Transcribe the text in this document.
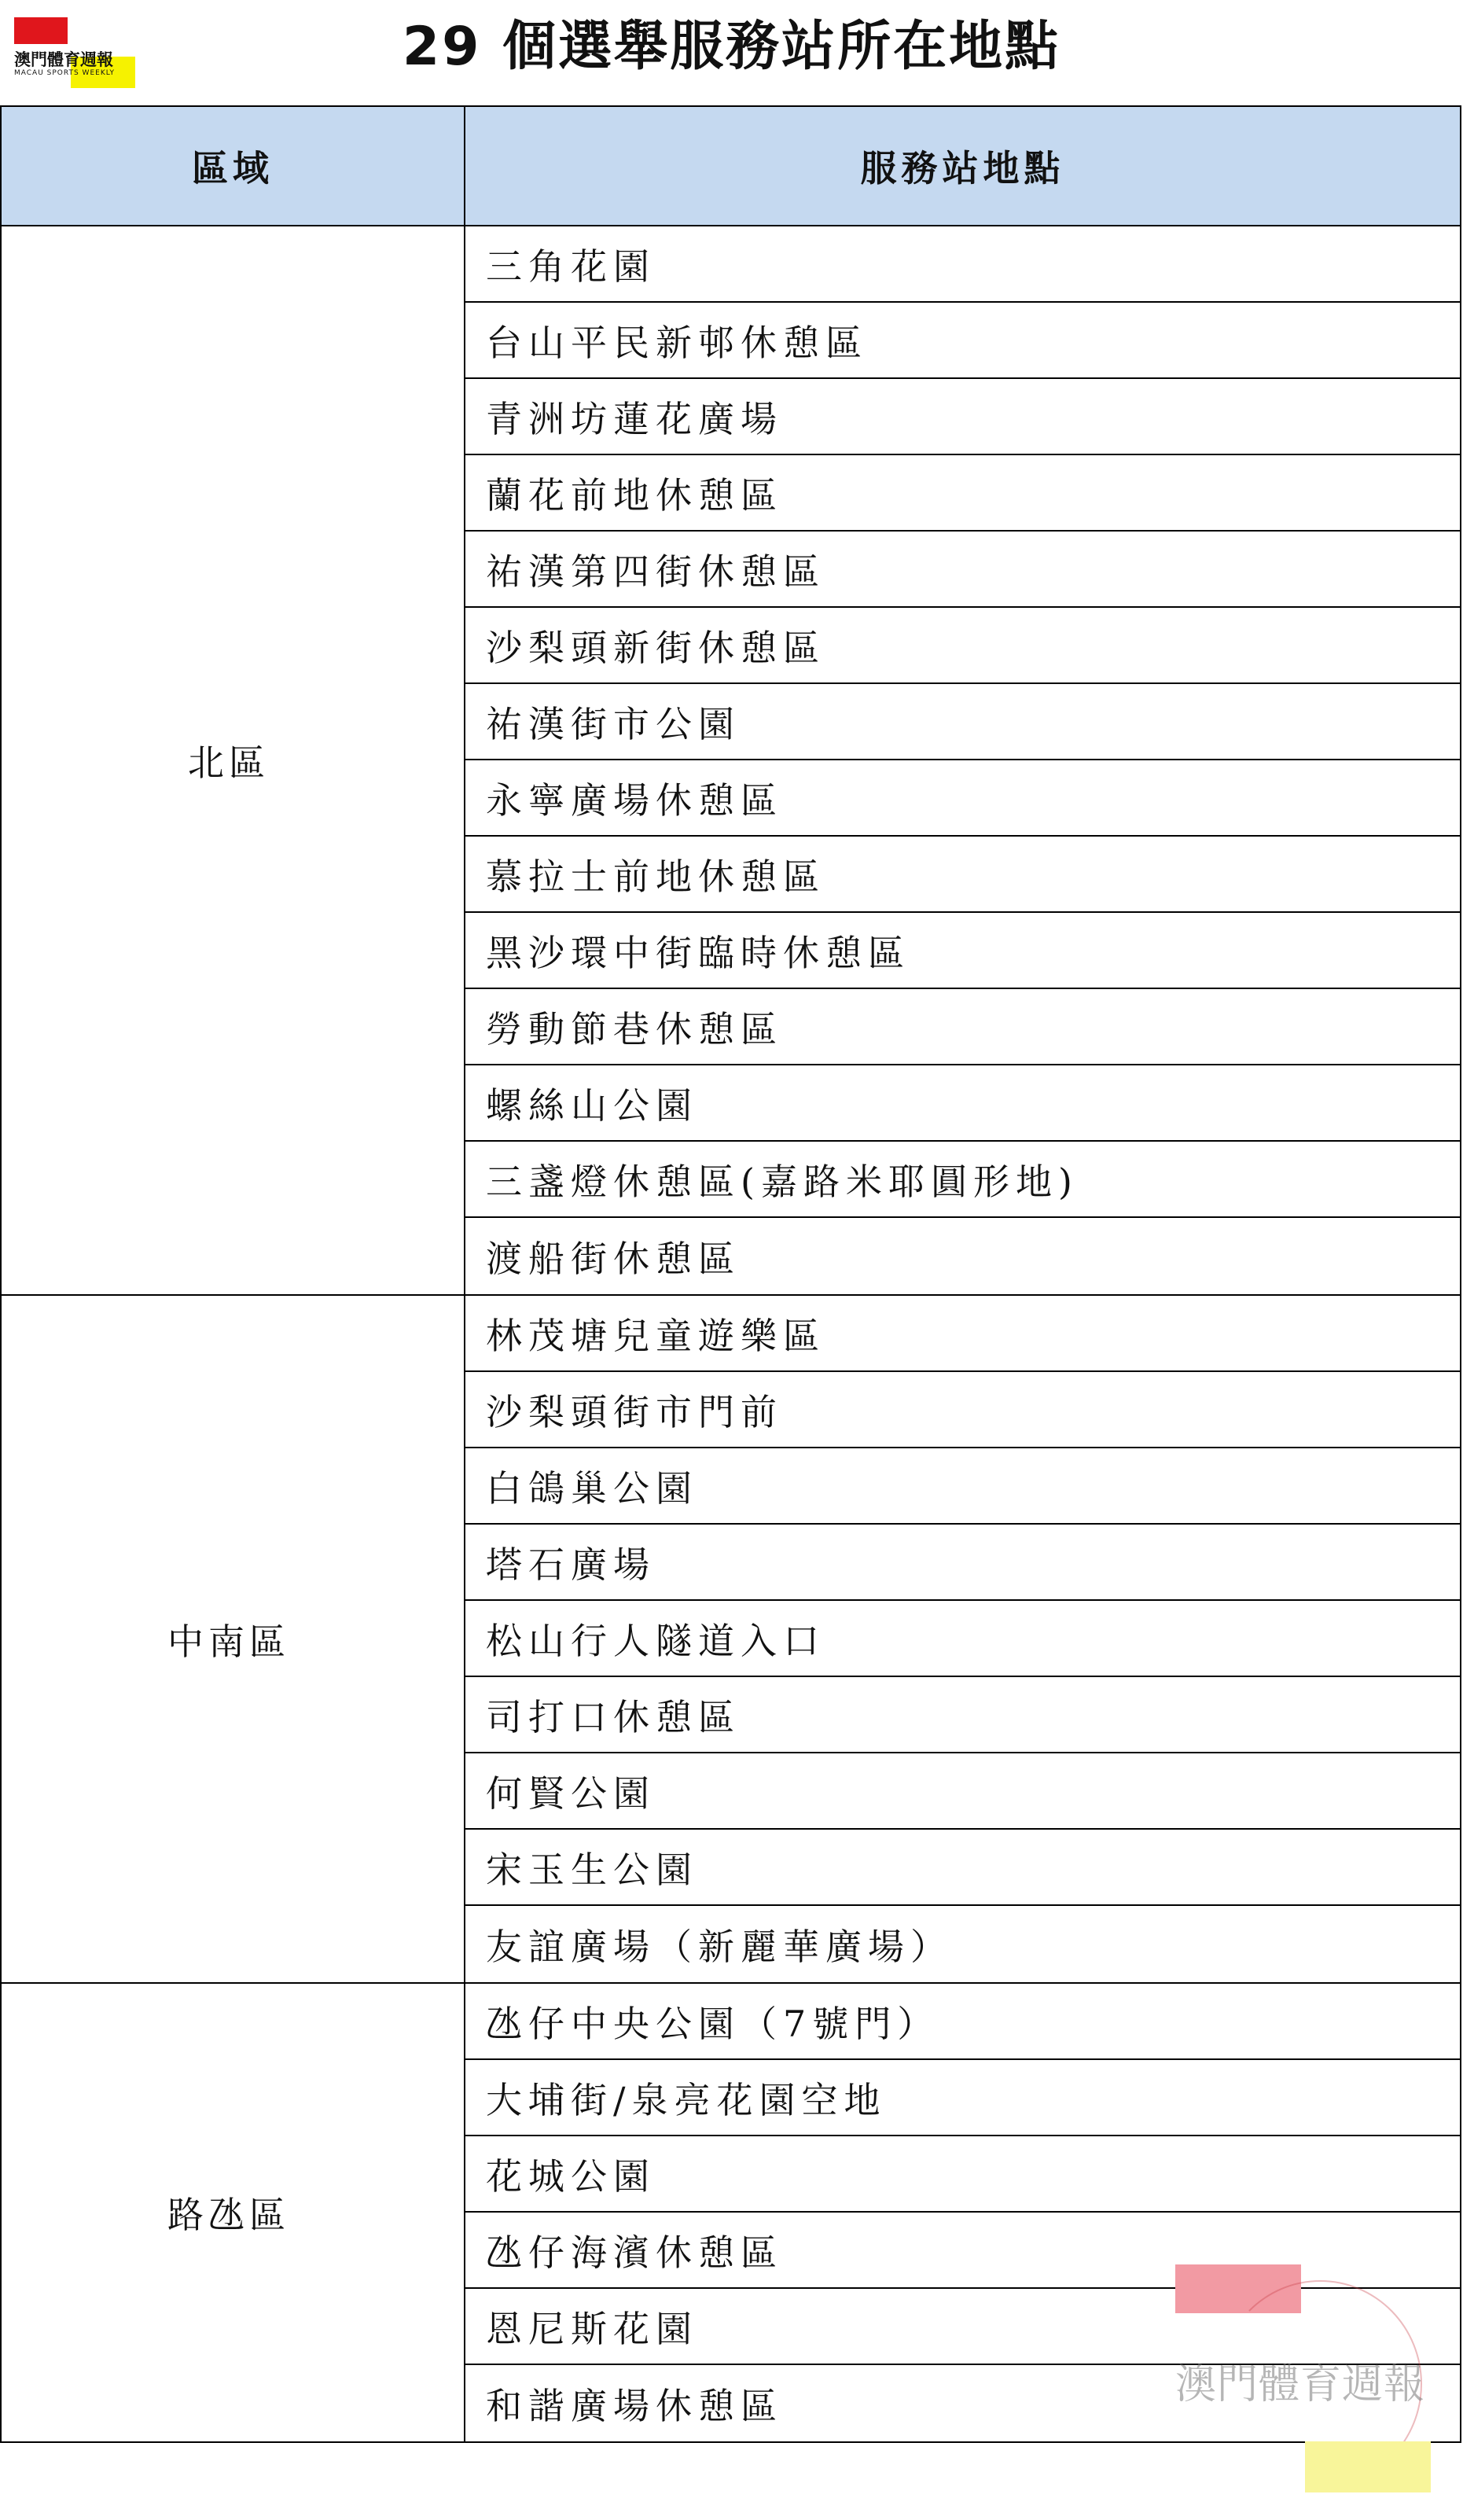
澳門體育週報
MACAU SPORTS WEEKLY	29 個選舉服務站所在地點
區域	服務站地點
北區
三角花園
台山平民新邨休憩區
青洲坊蓮花廣場
蘭花前地休憩區
祐漢第四街休憩區
沙梨頭新街休憩區
祐漢街市公園
永寧廣場休憩區
慕拉士前地休憩區
黑沙環中街臨時休憩區
勞動節巷休憩區
螺絲山公園
三盞燈休憩區(嘉路米耶圓形地)
渡船街休憩區
中南區
林茂塘兒童遊樂區
沙梨頭街市門前
白鴿巢公園
塔石廣場
松山行人隧道入口
司打口休憩區
何賢公園
宋玉生公園
友誼廣場（新麗華廣場）
路氹區
氹仔中央公園（7號門）
大埔街/泉亮花園空地
花城公園
氹仔海濱休憩區
恩尼斯花園
和諧廣場休憩區	澳門體育週報
